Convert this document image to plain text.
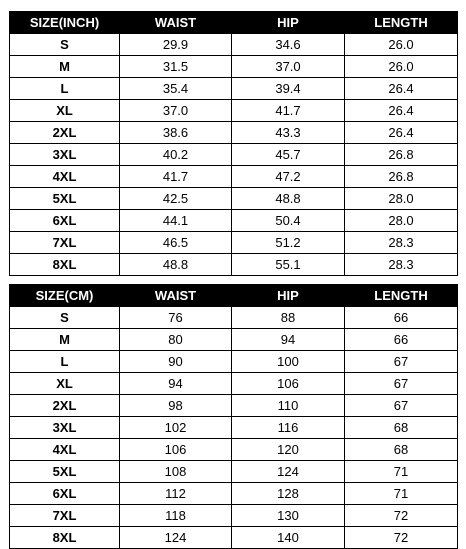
SIZE(INCH)	WAIST	HIP	LENGTH
S	29.9	34.6	26.0
M	31.5	37.0	26.0
L	35.4	39.4	26.4
XL	37.0	41.7	26.4
2XL	38.6	43.3	26.4
3XL	40.2	45.7	26.8
4XL	41.7	47.2	26.8
5XL	42.5	48.8	28.0
6XL	44.1	50.4	28.0
7XL	46.5	51.2	28.3
8XL	48.8	55.1	28.3
SIZE(CM)	WAIST	HIP	LENGTH
S	76	88	66
M	80	94	66
L	90	100	67
XL	94	106	67
2XL	98	110	67
3XL	102	116	68
4XL	106	120	68
5XL	108	124	71
6XL	112	128	71
7XL	118	130	72
8XL	124	140	72
